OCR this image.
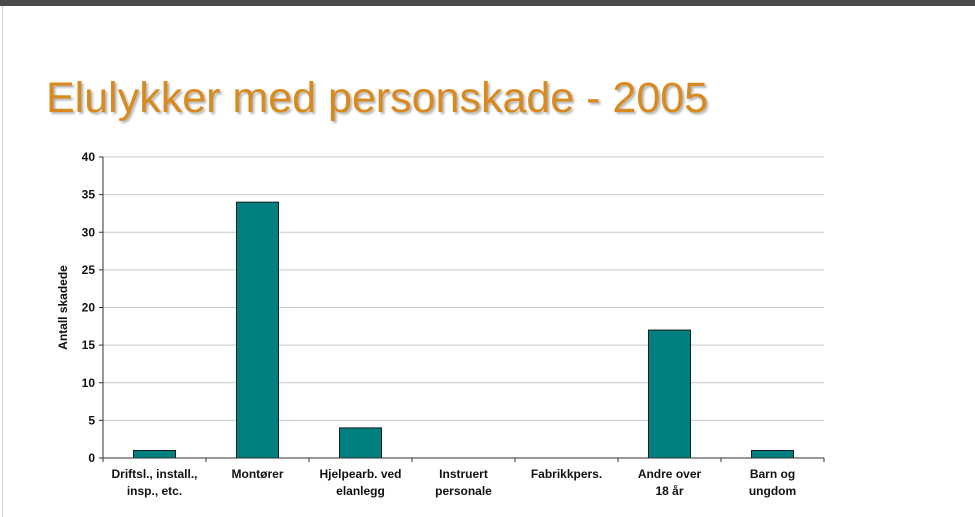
Elulykker med personskade - 2005
0
5
10
15
20
25
30
35
40
Driftsl., install., insp., etc.
Montører	Hjelpearb. ved elanlegg
Instruert personale
Fabrikkpers.	Andre over 18 år
Barn og ungdom
Antall skadede
